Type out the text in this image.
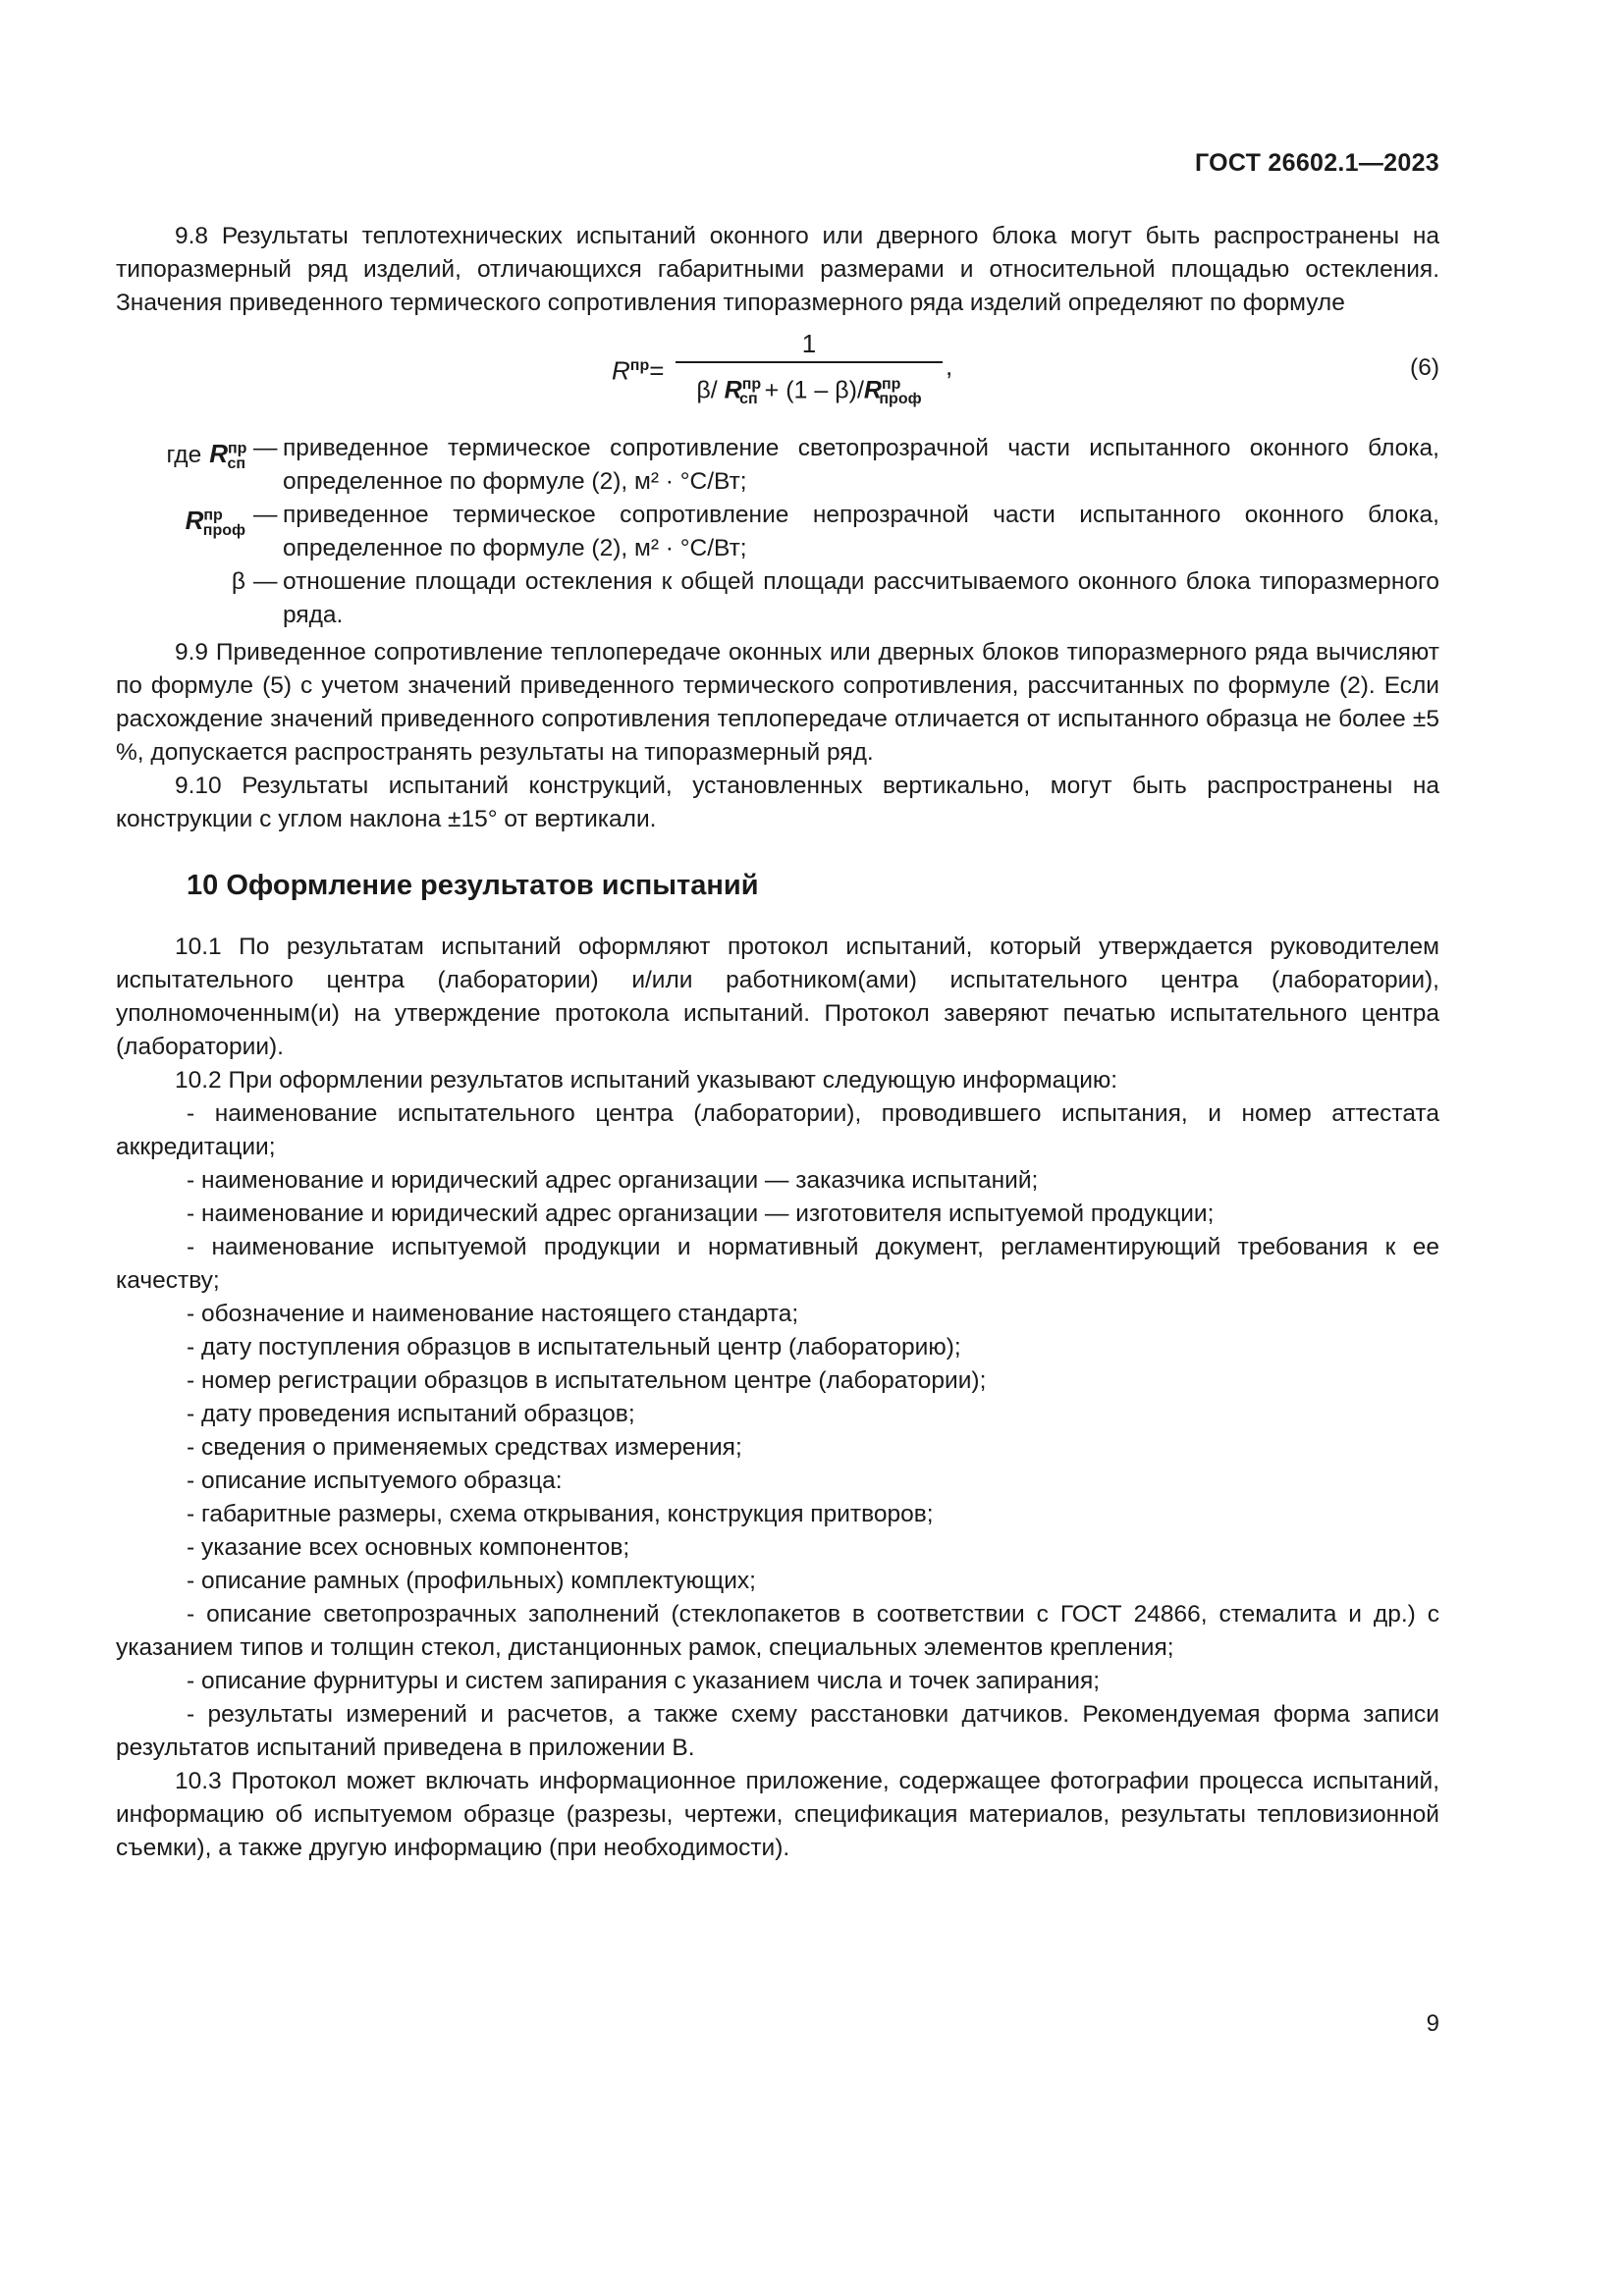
ГОСТ 26602.1—2023

9.8 Результаты теплотехнических испытаний оконного или дверного блока могут быть распространены на типоразмерный ряд изделий, отличающихся габаритными размерами и относительной площадью остекления. Значения приведенного термического сопротивления типоразмерного ряда изделий определяют по формуле

$R^{пр}=$
1
β/ $R^{пр}_{сп} + (1 - \beta)/R^{пр}_{проф}$
,	(6)
где $R^{пр}_{сп}$
— приведенное термическое сопротивление светопрозрачной части испытанного оконного блока, определенное по формуле (2), м² · °С/Вт;
$R^{пр}_{проф}$
— приведенное термическое сопротивление непрозрачной части испытанного оконного блока, определенное по формуле (2), м² · °С/Вт;
β — отношение площади остекления к общей площади рассчитываемого оконного блока типоразмерного ряда.

9.9 Приведенное сопротивление теплопередаче оконных или дверных блоков типоразмерного ряда вычисляют по формуле (5) с учетом значений приведенного термического сопротивления, рассчитанных по формуле (2). Если расхождение значений приведенного сопротивления теплопередаче отличается от испытанного образца не более ±5 %, допускается распространять результаты на типоразмерный ряд.

9.10 Результаты испытаний конструкций, установленных вертикально, могут быть распространены на конструкции с углом наклона ±15° от вертикали.

10 Оформление результатов испытаний

10.1 По результатам испытаний оформляют протокол испытаний, который утверждается руководителем испытательного центра (лаборатории) и/или работником(ами) испытательного центра (лаборатории), уполномоченным(и) на утверждение протокола испытаний. Протокол заверяют печатью испытательного центра (лаборатории).

10.2 При оформлении результатов испытаний указывают следующую информацию:

- наименование испытательного центра (лаборатории), проводившего испытания, и номер аттестата аккредитации;

- наименование и юридический адрес организации — заказчика испытаний;

- наименование и юридический адрес организации — изготовителя испытуемой продукции;

- наименование испытуемой продукции и нормативный документ, регламентирующий требования к ее качеству;

- обозначение и наименование настоящего стандарта;

- дату поступления образцов в испытательный центр (лабораторию);

- номер регистрации образцов в испытательном центре (лаборатории);

- дату проведения испытаний образцов;

- сведения о применяемых средствах измерения;

- описание испытуемого образца:

- габаритные размеры, схема открывания, конструкция притворов;

- указание всех основных компонентов;

- описание рамных (профильных) комплектующих;

- описание светопрозрачных заполнений (стеклопакетов в соответствии с ГОСТ 24866, стемалита и др.) с указанием типов и толщин стекол, дистанционных рамок, специальных элементов крепления;

- описание фурнитуры и систем запирания с указанием числа и точек запирания;

- результаты измерений и расчетов, а также схему расстановки датчиков. Рекомендуемая форма записи результатов испытаний приведена в приложении В.

10.3 Протокол может включать информационное приложение, содержащее фотографии процесса испытаний, информацию об испытуемом образце (разрезы, чертежи, спецификация материалов, результаты тепловизионной съемки), а также другую информацию (при необходимости).

9
